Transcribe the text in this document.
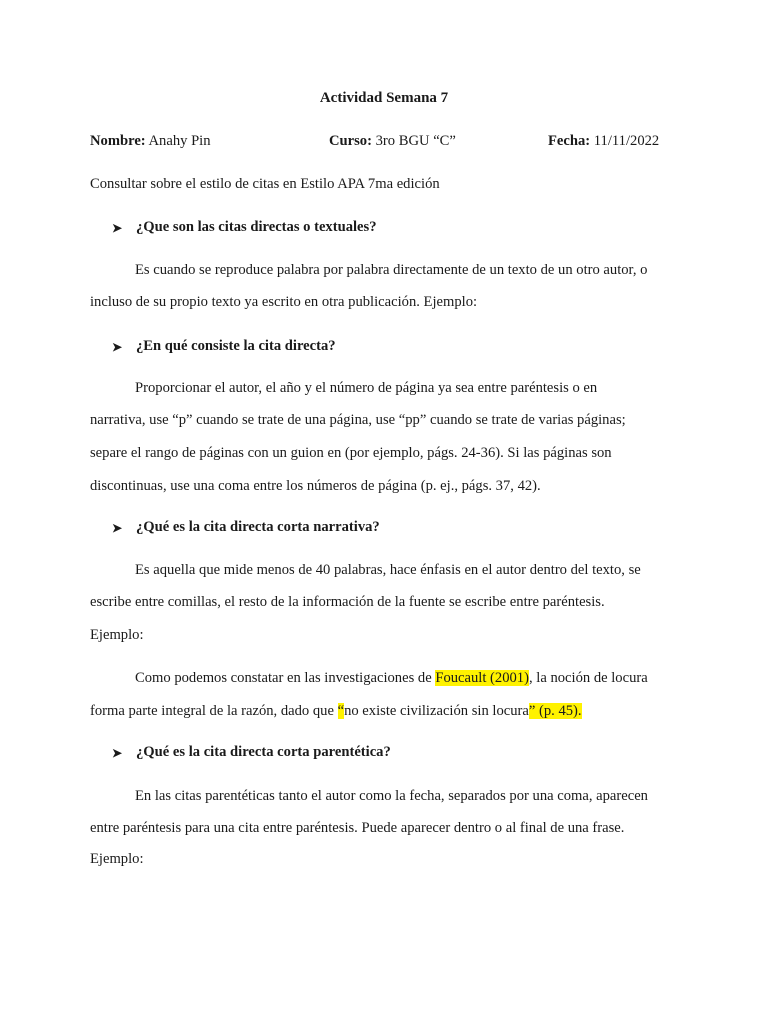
Actividad Semana 7
Nombre: Anahy Pin	Curso: 3ro BGU “C”	Fecha: 11/11/2022
Consultar sobre el estilo de citas en Estilo APA 7ma edición
➤ ¿Que son las citas directas o textuales?
Es cuando se reproduce palabra por palabra directamente de un texto de un otro autor, o
incluso de su propio texto ya escrito en otra publicación. Ejemplo:
➤ ¿En qué consiste la cita directa?
Proporcionar el autor, el año y el número de página ya sea entre paréntesis o en
narrativa, use “p” cuando se trate de una página, use “pp” cuando se trate de varias páginas;
separe el rango de páginas con un guion en (por ejemplo, págs. 24-36). Si las páginas son
discontinuas, use una coma entre los números de página (p. ej., págs. 37, 42).
➤ ¿Qué es la cita directa corta narrativa?
Es aquella que mide menos de 40 palabras, hace énfasis en el autor dentro del texto, se
escribe entre comillas, el resto de la información de la fuente se escribe entre paréntesis.
Ejemplo:
Como podemos constatar en las investigaciones de Foucault (2001), la noción de locura
forma parte integral de la razón, dado que “no existe civilización sin locura” (p. 45).
➤ ¿Qué es la cita directa corta parentética?
En las citas parentéticas tanto el autor como la fecha, separados por una coma, aparecen
entre paréntesis para una cita entre paréntesis. Puede aparecer dentro o al final de una frase.
Ejemplo:
